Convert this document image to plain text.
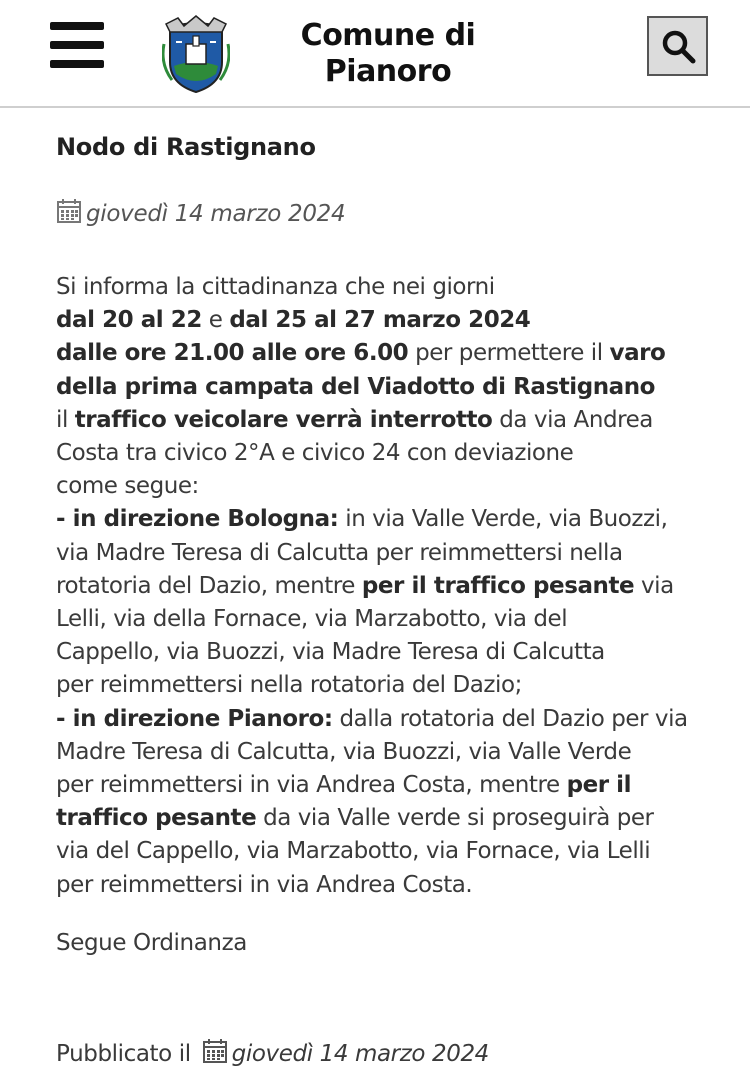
Comune di
Pianoro
Nodo di Rastignano
giovedì 14 marzo 2024
Si informa la cittadinanza che nei giorni
dal 20 al 22 e dal 25 al 27 marzo 2024
dalle ore 21.00 alle ore 6.00 per permettere il varo
della prima campata del Viadotto di Rastignano
il traffico veicolare verrà interrotto da via Andrea
Costa tra civico 2°A e civico 24 con deviazione
come segue:
- in direzione Bologna: in via Valle Verde, via Buozzi,
via Madre Teresa di Calcutta per reimmettersi nella
rotatoria del Dazio, mentre per il traffico pesante via
Lelli, via della Fornace, via Marzabotto, via del
Cappello, via Buozzi, via Madre Teresa di Calcutta
per reimmettersi nella rotatoria del Dazio;
- in direzione Pianoro: dalla rotatoria del Dazio per via
Madre Teresa di Calcutta, via Buozzi, via Valle Verde
per reimmettersi in via Andrea Costa, mentre per il
traffico pesante da via Valle verde si proseguirà per
via del Cappello, via Marzabotto, via Fornace, via Lelli
per reimmettersi in via Andrea Costa.
Segue Ordinanza
Pubblicato il giovedì 14 marzo 2024
